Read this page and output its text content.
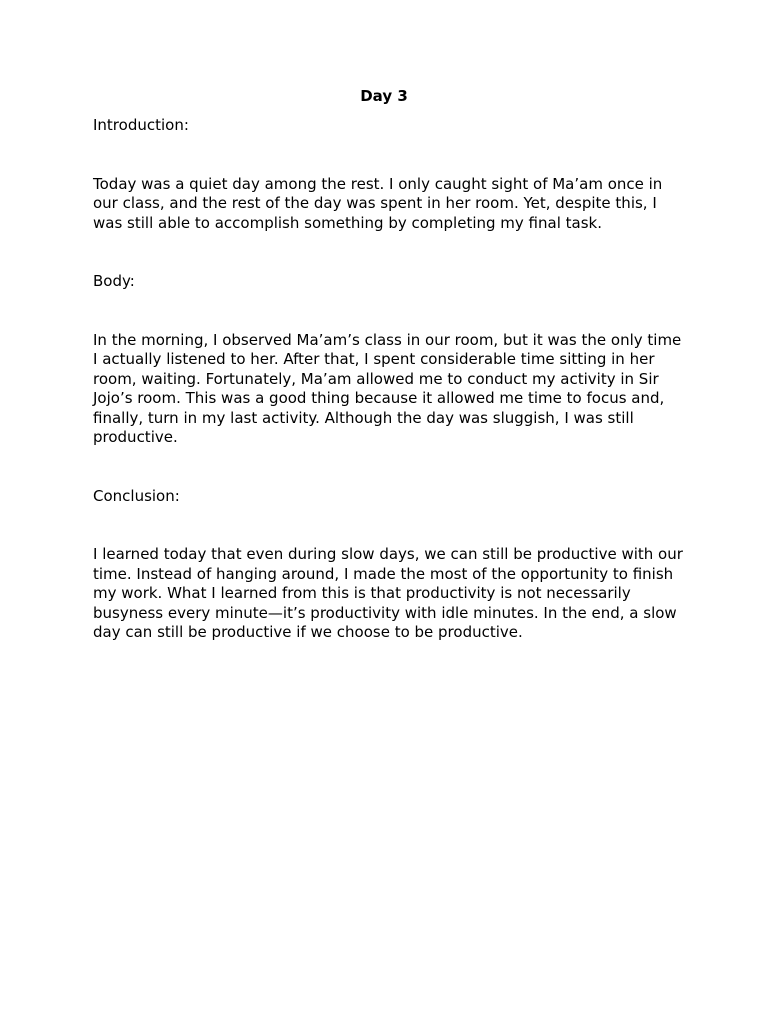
Day 3

Introduction:

Today was a quiet day among the rest. I only caught sight of Ma’am once in our class, and the rest of the day was spent in her room. Yet, despite this, I was still able to accomplish something by completing my final task.

Body:

In the morning, I observed Ma’am’s class in our room, but it was the only time I actually listened to her. After that, I spent considerable time sitting in her room, waiting. Fortunately, Ma’am allowed me to conduct my activity in Sir Jojo’s room. This was a good thing because it allowed me time to focus and, finally, turn in my last activity. Although the day was sluggish, I was still productive.

Conclusion:

I learned today that even during slow days, we can still be productive with our time. Instead of hanging around, I made the most of the opportunity to finish my work. What I learned from this is that productivity is not necessarily busyness every minute—it’s productivity with idle minutes. In the end, a slow day can still be productive if we choose to be productive.
